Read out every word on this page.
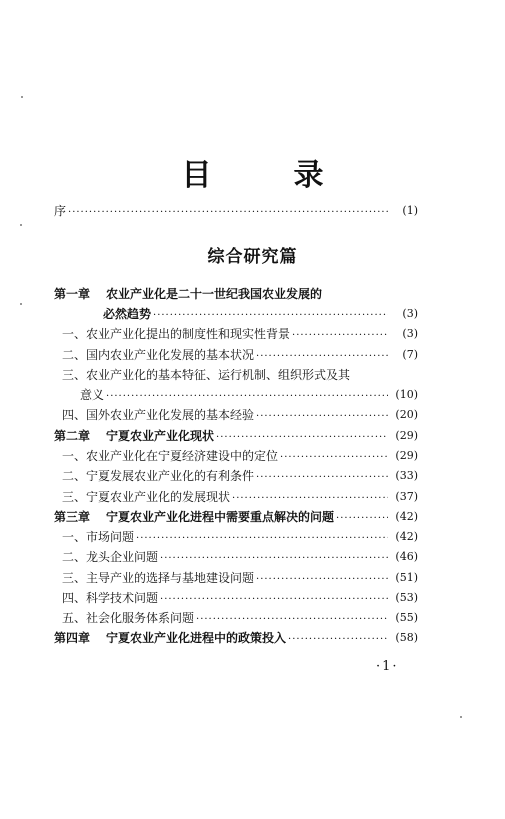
目　录
序 ·····	(1)
综合研究篇
第一章 农业产业化是二十一世纪我国农业发展的
必然趋势 ·····	(3)
一、农业产业化提出的制度性和现实性背景 ·····	(3)
二、国内农业产业化发展的基本状况 ·····	(7)
三、农业产业化的基本特征、运行机制、组织形式及其
意义 ·····	(10)
四、国外农业产业化发展的基本经验 ·····	(20)
第二章 宁夏农业产业化现状 ·····	(29)
一、农业产业化在宁夏经济建设中的定位 ·····	(29)
二、宁夏发展农业产业化的有利条件 ·····	(33)
三、宁夏农业产业化的发展现状 ·····	(37)
第三章 宁夏农业产业化进程中需要重点解决的问题 ·····	(42)
一、市场问题 ·····	(42)
二、龙头企业问题 ·····	(46)
三、主导产业的选择与基地建设问题 ·····	(51)
四、科学技术问题 ·····	(53)
五、社会化服务体系问题 ·····	(55)
第四章 宁夏农业产业化进程中的政策投入 ·····	(58)
·1·
